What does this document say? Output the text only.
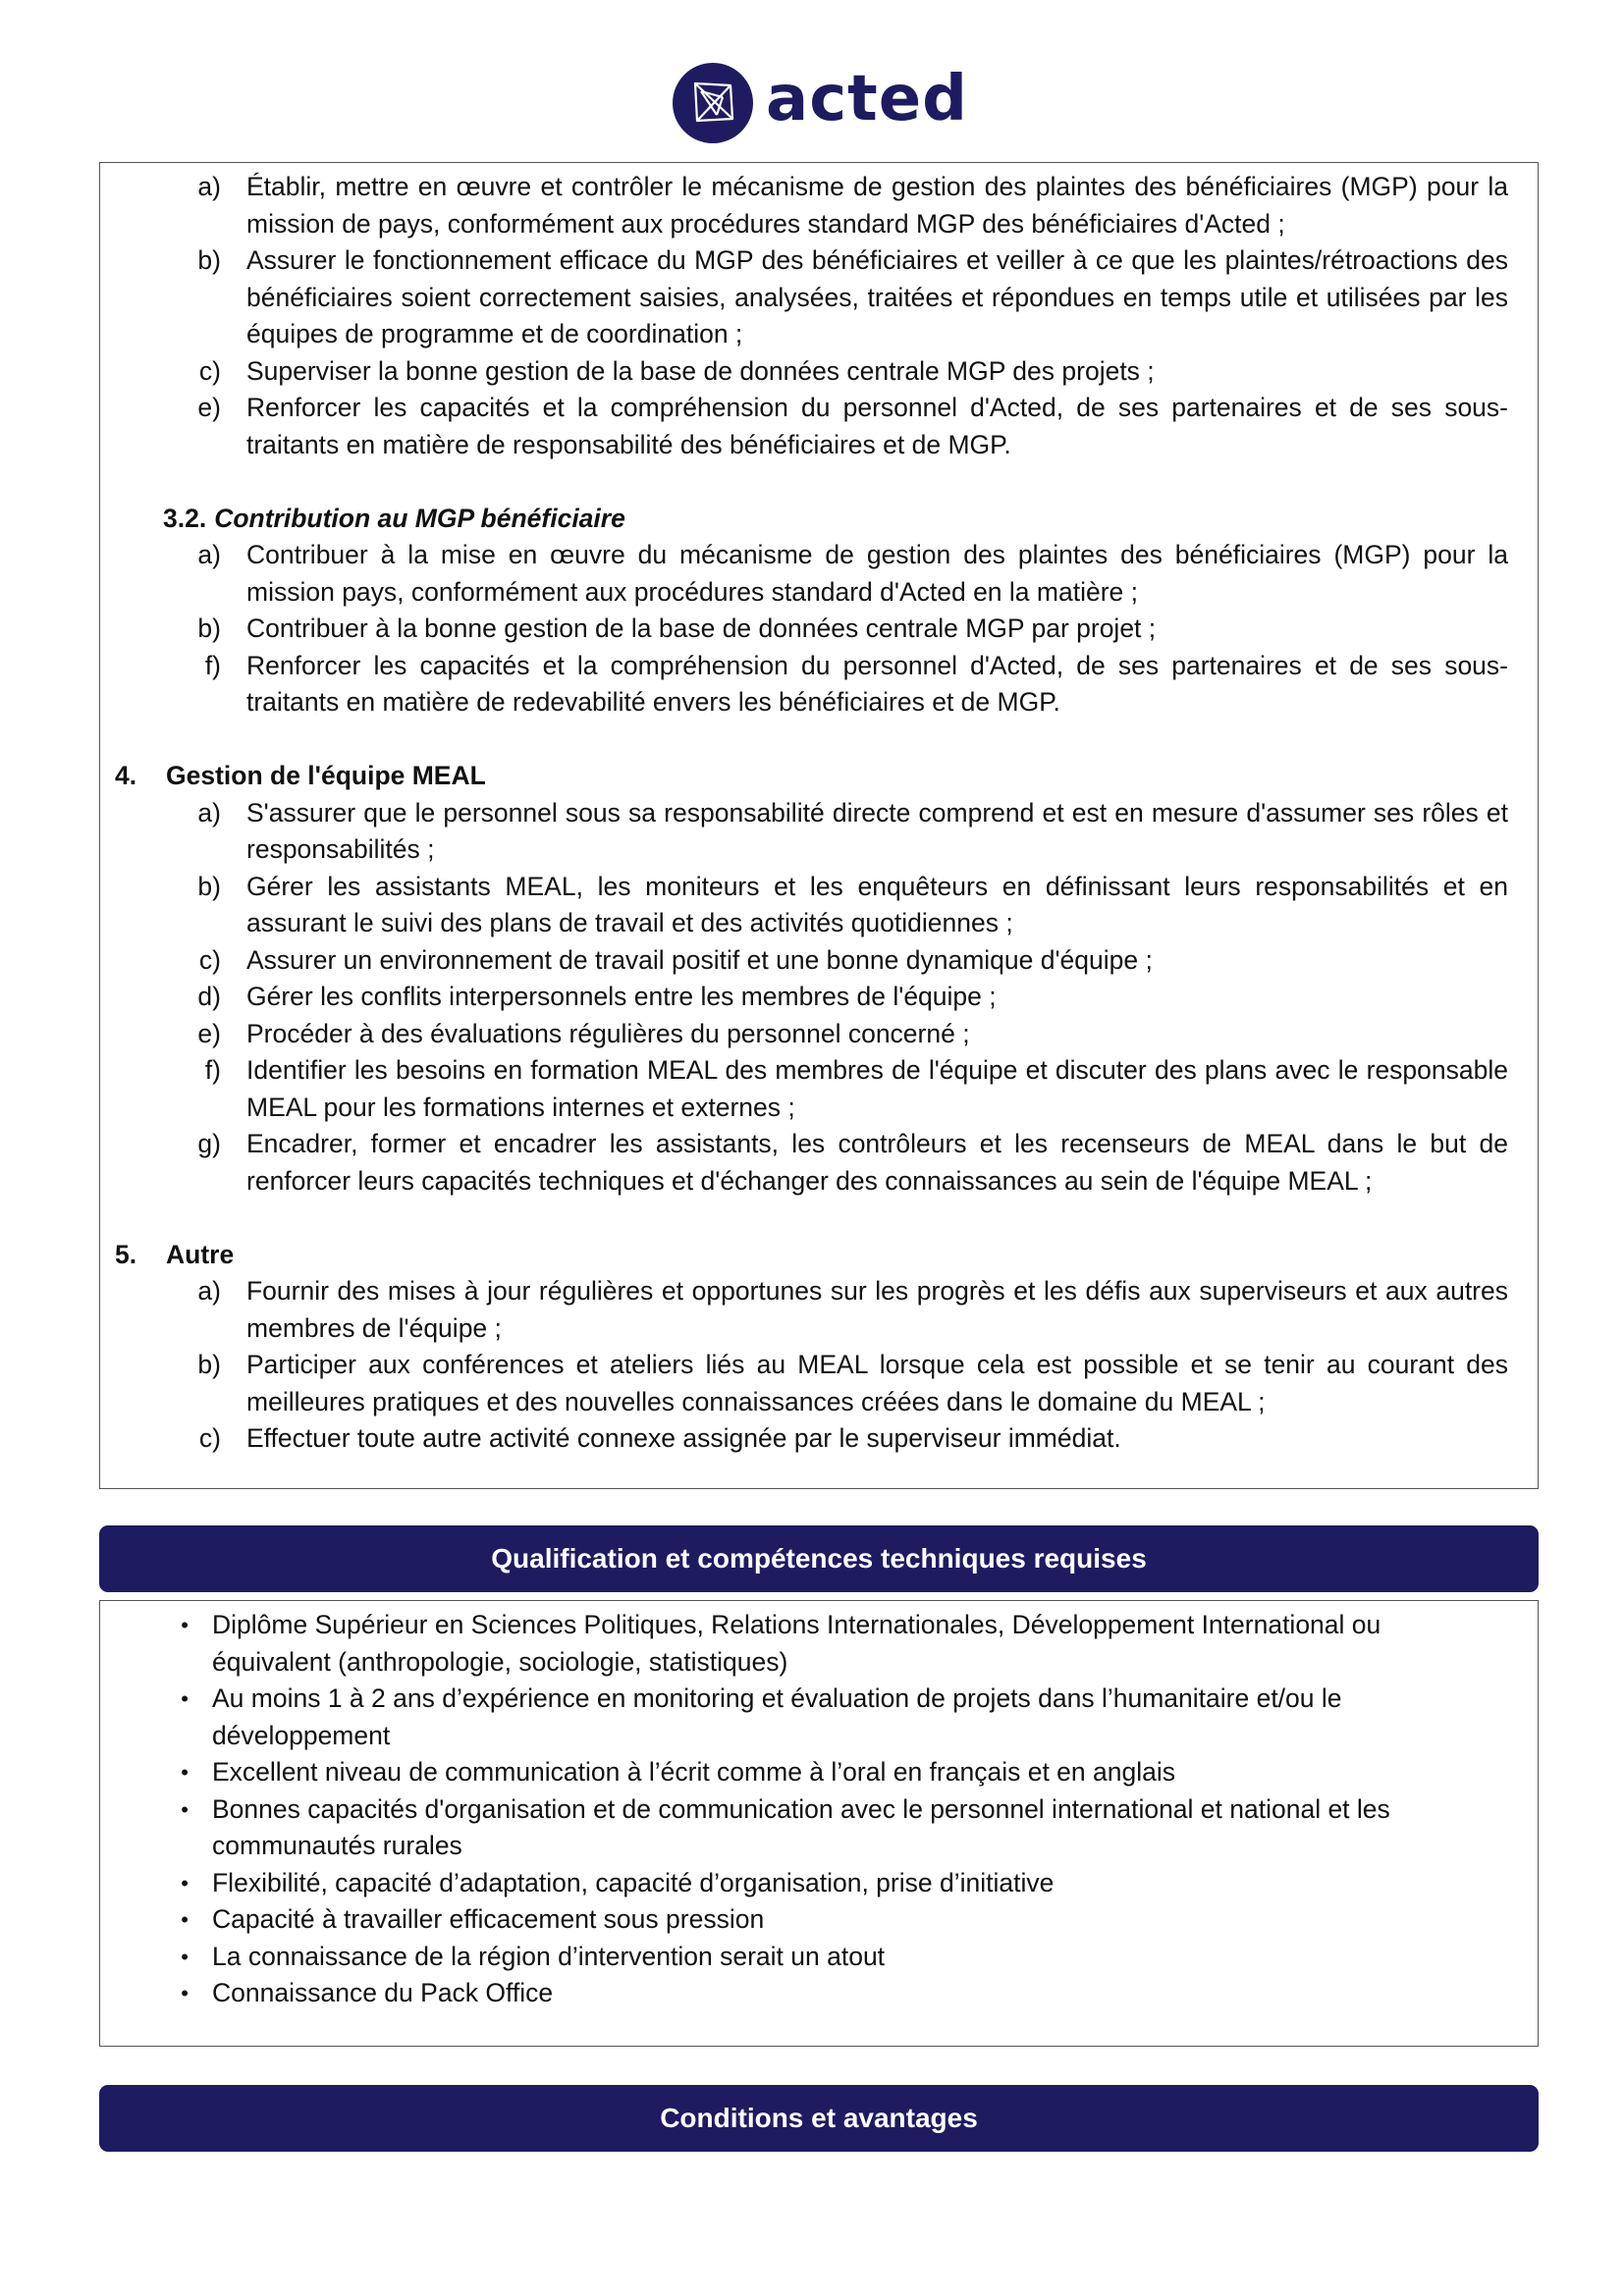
acted
a) Établir, mettre en œuvre et contrôler le mécanisme de gestion des plaintes des bénéficiaires (MGP) pour la mission de pays, conformément aux procédures standard MGP des bénéficiaires d'Acted ;
b) Assurer le fonctionnement efficace du MGP des bénéficiaires et veiller à ce que les plaintes/rétroactions des bénéficiaires soient correctement saisies, analysées, traitées et répondues en temps utile et utilisées par les équipes de programme et de coordination ;
c) Superviser la bonne gestion de la base de données centrale MGP des projets ;
e) Renforcer les capacités et la compréhension du personnel d'Acted, de ses partenaires et de ses sous-traitants en matière de responsabilité des bénéficiaires et de MGP.
3.2. Contribution au MGP bénéficiaire
a) Contribuer à la mise en œuvre du mécanisme de gestion des plaintes des bénéficiaires (MGP) pour la mission pays, conformément aux procédures standard d'Acted en la matière ;
b) Contribuer à la bonne gestion de la base de données centrale MGP par projet ;
f) Renforcer les capacités et la compréhension du personnel d'Acted, de ses partenaires et de ses sous-traitants en matière de redevabilité envers les bénéficiaires et de MGP.
4.	Gestion de l'équipe MEAL
a) S'assurer que le personnel sous sa responsabilité directe comprend et est en mesure d'assumer ses rôles et responsabilités ;
b) Gérer les assistants MEAL, les moniteurs et les enquêteurs en définissant leurs responsabilités et en assurant le suivi des plans de travail et des activités quotidiennes ;
c) Assurer un environnement de travail positif et une bonne dynamique d'équipe ;
d) Gérer les conflits interpersonnels entre les membres de l'équipe ;
e) Procéder à des évaluations régulières du personnel concerné ;
f) Identifier les besoins en formation MEAL des membres de l'équipe et discuter des plans avec le responsable MEAL pour les formations internes et externes ;
g) Encadrer, former et encadrer les assistants, les contrôleurs et les recenseurs de MEAL dans le but de renforcer leurs capacités techniques et d'échanger des connaissances au sein de l'équipe MEAL ;
5.	Autre
a) Fournir des mises à jour régulières et opportunes sur les progrès et les défis aux superviseurs et aux autres membres de l'équipe ;
b) Participer aux conférences et ateliers liés au MEAL lorsque cela est possible et se tenir au courant des meilleures pratiques et des nouvelles connaissances créées dans le domaine du MEAL ;
c) Effectuer toute autre activité connexe assignée par le superviseur immédiat.
Qualification et compétences techniques requises
• Diplôme Supérieur en Sciences Politiques, Relations Internationales, Développement International ou équivalent (anthropologie, sociologie, statistiques)
• Au moins 1 à 2 ans d’expérience en monitoring et évaluation de projets dans l’humanitaire et/ou le développement
• Excellent niveau de communication à l’écrit comme à l’oral en français et en anglais
• Bonnes capacités d'organisation et de communication avec le personnel international et national et les communautés rurales
• Flexibilité, capacité d’adaptation, capacité d’organisation, prise d’initiative
• Capacité à travailler efficacement sous pression
• La connaissance de la région d’intervention serait un atout
• Connaissance du Pack Office
Conditions et avantages
